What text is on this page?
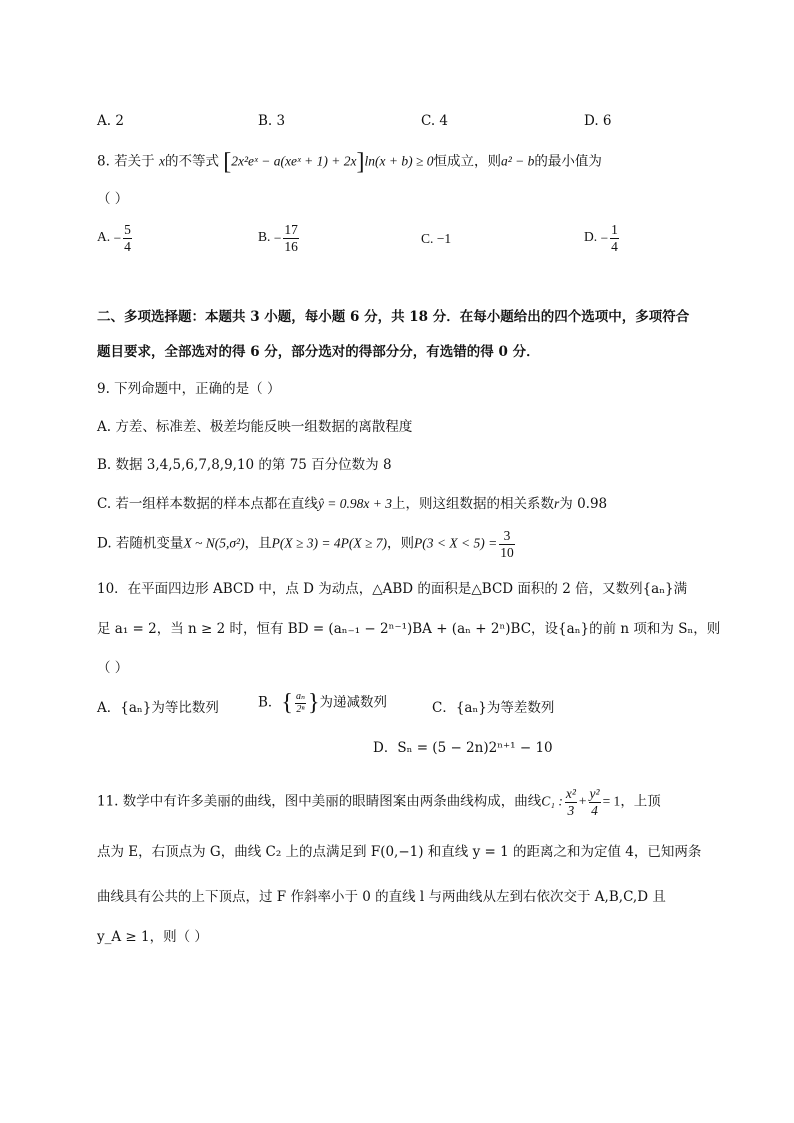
A. 2	B. 3	C. 4	D. 6
8. 若关于 x的不等式 [2x²eˣ − a(xeˣ + 1) + 2x]ln(x + b) ≥ 0恒成立，则a² − b的最小值为
（ ）
A. − $\frac{5}{4}$	B. − $\frac{17}{16}$	C. −1	D. − $\frac{1}{4}$
二、多项选择题：本题共 3 小题，每小题 6 分，共 18 分．在每小题给出的四个选项中，多项符合
题目要求，全部选对的得 6 分，部分选对的得部分分，有选错的得 0 分．
9. 下列命题中，正确的是（ ）
A. 方差、标准差、极差均能反映一组数据的离散程度
B. 数据 3,4,5,6,7,8,9,10 的第 75 百分位数为 8
C. 若一组样本数据的样本点都在直线ŷ = 0.98x + 3上，则这组数据的相关系数r为 0.98
D. 若随机变量X ~ N(5,σ²)，且P(X ≥ 3) = 4P(X ≥ 7)，则$P(3 < X < 5) = \frac{3}{10}$
10．在平面四边形 ABCD 中，点 D 为动点，△ABD 的面积是△BCD 面积的 2 倍，又数列{aₙ}满
足 a₁ = 2，当 n ≥ 2 时，恒有 BD = (aₙ₋₁ − 2ⁿ⁻¹)BA + (aₙ + 2ⁿ)BC，设{aₙ}的前 n 项和为 Sₙ，则
（ ）
A．{aₙ}为等比数列	B．{ $\frac{\text{aₙ}}{\text{2ⁿ}}$ }为递减数列	C．{aₙ}为等差数列
D．Sₙ = (5 − 2n)2ⁿ⁺¹ − 10
11. 数学中有许多美丽的曲线，图中美丽的眼睛图案由两条曲线构成，曲线C₁ : $\frac{\text{x²}}{3} + \frac{\text{y²}}{4} = 1$，上顶
点为 E，右顶点为 G，曲线 C₂ 上的点满足到 F(0,−1) 和直线 y = 1 的距离之和为定值 4，已知两条
曲线具有公共的上下顶点，过 F 作斜率小于 0 的直线 l 与两曲线从左到右依次交于 A,B,C,D 且
y_A ≥ 1，则（ ）
